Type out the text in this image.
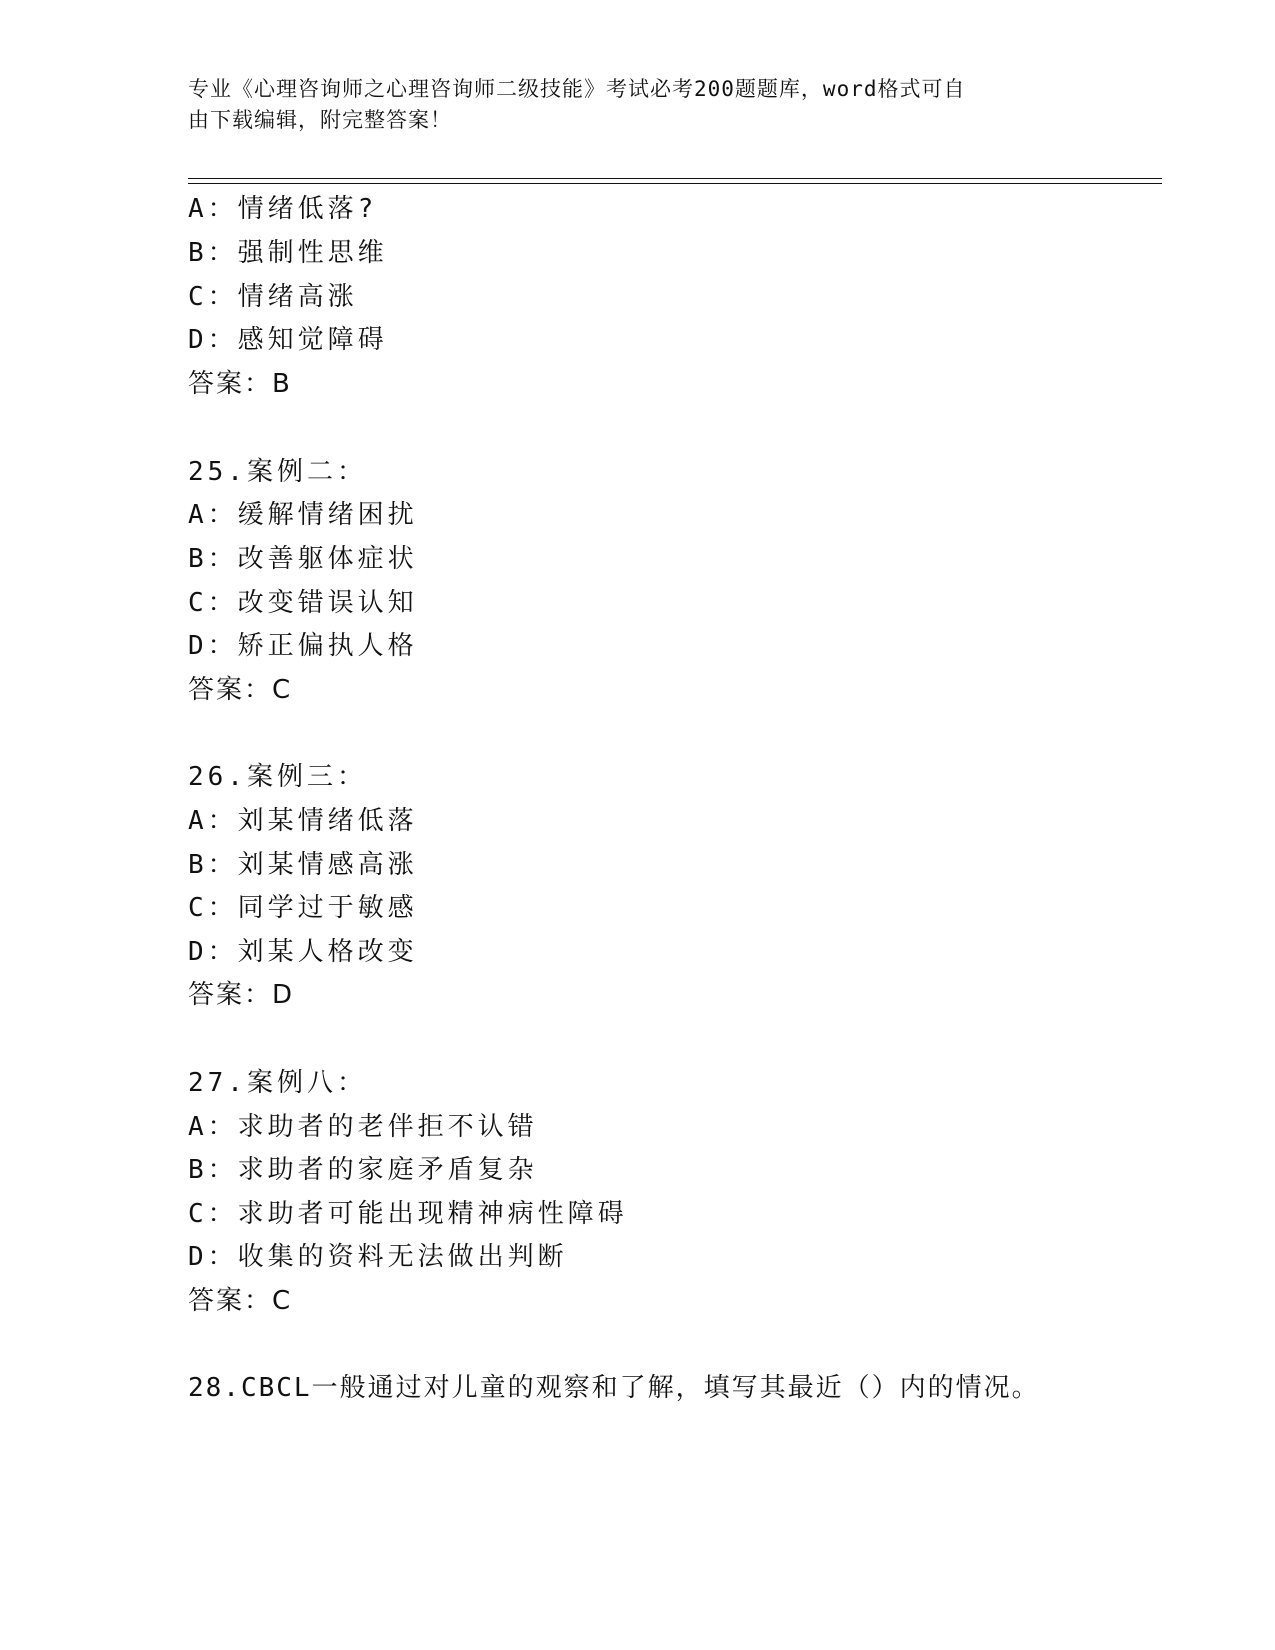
专业《心理咨询师之心理咨询师二级技能》考试必考200题题库，word格式可自
由下载编辑，附完整答案！
A：情绪低落?
B：强制性思维
C：情绪高涨
D：感知觉障碍
答案：B
25.案例二：
A：缓解情绪困扰
B：改善躯体症状
C：改变错误认知
D：矫正偏执人格
答案：C
26.案例三：
A：刘某情绪低落
B：刘某情感高涨
C：同学过于敏感
D：刘某人格改变
答案：D
27.案例八：
A：求助者的老伴拒不认错
B：求助者的家庭矛盾复杂
C：求助者可能出现精神病性障碍
D：收集的资料无法做出判断
答案：C
28.CBCL一般通过对儿童的观察和了解，填写其最近（）内的情况。
